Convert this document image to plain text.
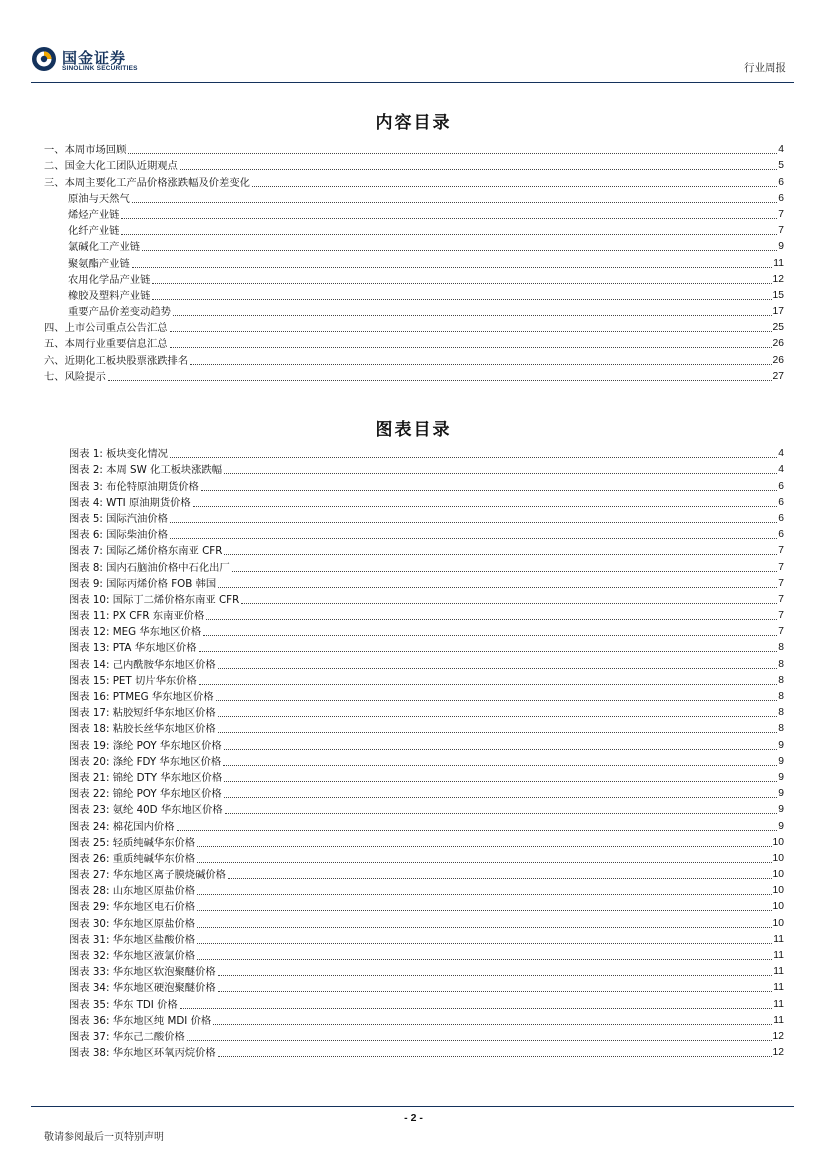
国金证券
SINOLINK SECURITIES	行业周报
内容目录
一、本周市场回顾	4
二、国金大化工团队近期观点	5
三、本周主要化工产品价格涨跌幅及价差变化	6
原油与天然气	6
烯烃产业链	7
化纤产业链	7
氯碱化工产业链	9
聚氨酯产业链	11
农用化学品产业链	12
橡胶及塑料产业链	15
重要产品价差变动趋势	17
四、上市公司重点公告汇总	25
五、本周行业重要信息汇总	26
六、近期化工板块股票涨跌排名	26
七、风险提示	27
图表目录
图表 1: 板块变化情况	4
图表 2: 本周 SW 化工板块涨跌幅	4
图表 3: 布伦特原油期货价格	6
图表 4: WTI 原油期货价格	6
图表 5: 国际汽油价格	6
图表 6: 国际柴油价格	6
图表 7: 国际乙烯价格东南亚 CFR	7
图表 8: 国内石脑油价格中石化出厂	7
图表 9: 国际丙烯价格 FOB 韩国	7
图表 10: 国际丁二烯价格东南亚 CFR	7
图表 11: PX CFR 东南亚价格	7
图表 12: MEG 华东地区价格	7
图表 13: PTA 华东地区价格	8
图表 14: 己内酰胺华东地区价格	8
图表 15: PET 切片华东价格	8
图表 16: PTMEG 华东地区价格	8
图表 17: 粘胶短纤华东地区价格	8
图表 18: 粘胶长丝华东地区价格	8
图表 19: 涤纶 POY 华东地区价格	9
图表 20: 涤纶 FDY 华东地区价格	9
图表 21: 锦纶 DTY 华东地区价格	9
图表 22: 锦纶 POY 华东地区价格	9
图表 23: 氨纶 40D 华东地区价格	9
图表 24: 棉花国内价格	9
图表 25: 轻质纯碱华东价格	10
图表 26: 重质纯碱华东价格	10
图表 27: 华东地区离子膜烧碱价格	10
图表 28: 山东地区原盐价格	10
图表 29: 华东地区电石价格	10
图表 30: 华东地区原盐价格	10
图表 31: 华东地区盐酸价格	11
图表 32: 华东地区液氯价格	11
图表 33: 华东地区软泡聚醚价格	11
图表 34: 华东地区硬泡聚醚价格	11
图表 35: 华东 TDI 价格	11
图表 36: 华东地区纯 MDI 价格	11
图表 37: 华东己二酸价格	12
图表 38: 华东地区环氧丙烷价格	12
- 2 -
敬请参阅最后一页特别声明
